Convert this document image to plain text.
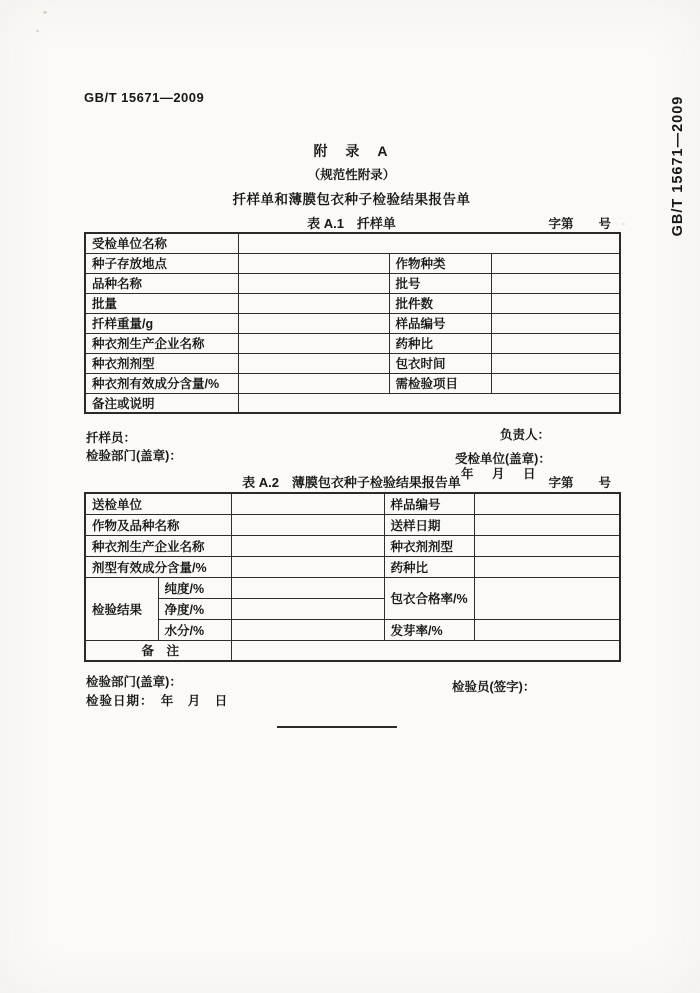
GB/T 15671—2009	GB/T 15671—2009
附　录　A
（规范性附录）
扦样单和薄膜包衣种子检验结果报告单
表 A.1　扦样单	字第　　号
受检单位名称			
种子存放地点		作物种类	
品种名称		批号	
批量		批件数	
扦样重量/g		样品编号	
种衣剂生产企业名称		药种比	
种衣剂剂型		包衣时间	
种衣剂有效成分含量/%		需检验项目	
备注或说明			
扦样员：	负责人：
检验部门(盖章)：	受检单位(盖章)：
年　月　日
表 A.2　薄膜包衣种子检验结果报告单	字第　　号
送检单位			样品编号	
作物及品种名称			送样日期	
种衣剂生产企业名称			种衣剂剂型	
剂型有效成分含量/%			药种比	
检验结果	纯度/%		包衣合格率/%	
	净度/%			
	水分/%		发芽率/%	
备　注				
检验部门(盖章)：	检验员(签字)：
检验日期：　年　月　日
